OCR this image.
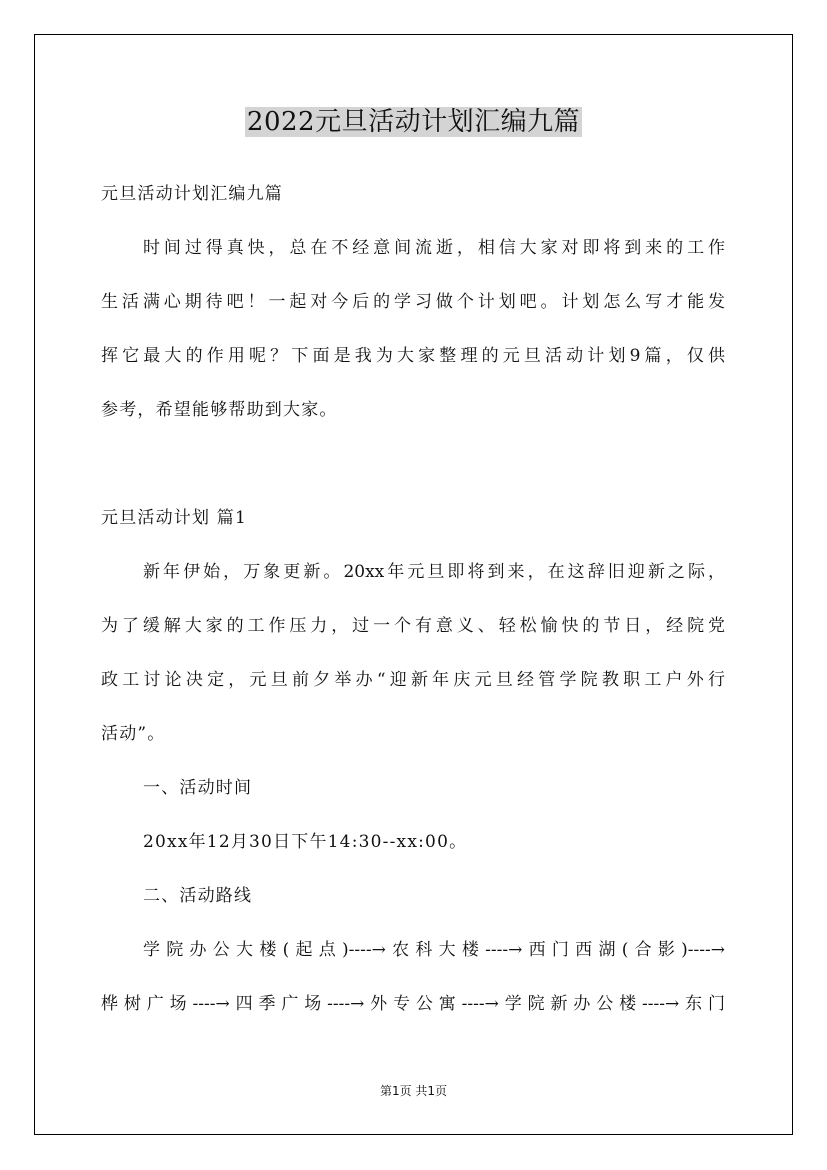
2022元旦活动计划汇编九篇
元旦活动计划汇编九篇
时间过得真快，总在不经意间流逝，相信大家对即将到来的工作
生活满心期待吧！一起对今后的学习做个计划吧。计划怎么写才能发
挥它最大的作用呢？下面是我为大家整理的元旦活动计划9篇，仅供
参考，希望能够帮助到大家。
元旦活动计划 篇1
新年伊始，万象更新。20xx年元旦即将到来，在这辞旧迎新之际，
为了缓解大家的工作压力，过一个有意义、轻松愉快的节日，经院党
政工讨论决定，元旦前夕举办“迎新年庆元旦经管学院教职工户外行
活动”。
一、活动时间
20xx年12月30日下午14:30--xx:00。
二、活动路线
学院办公大楼(起点)----→农科大楼----→西门西湖(合影)----→
桦树广场----→四季广场----→外专公寓----→学院新办公楼----→东门
第1页 共1页
